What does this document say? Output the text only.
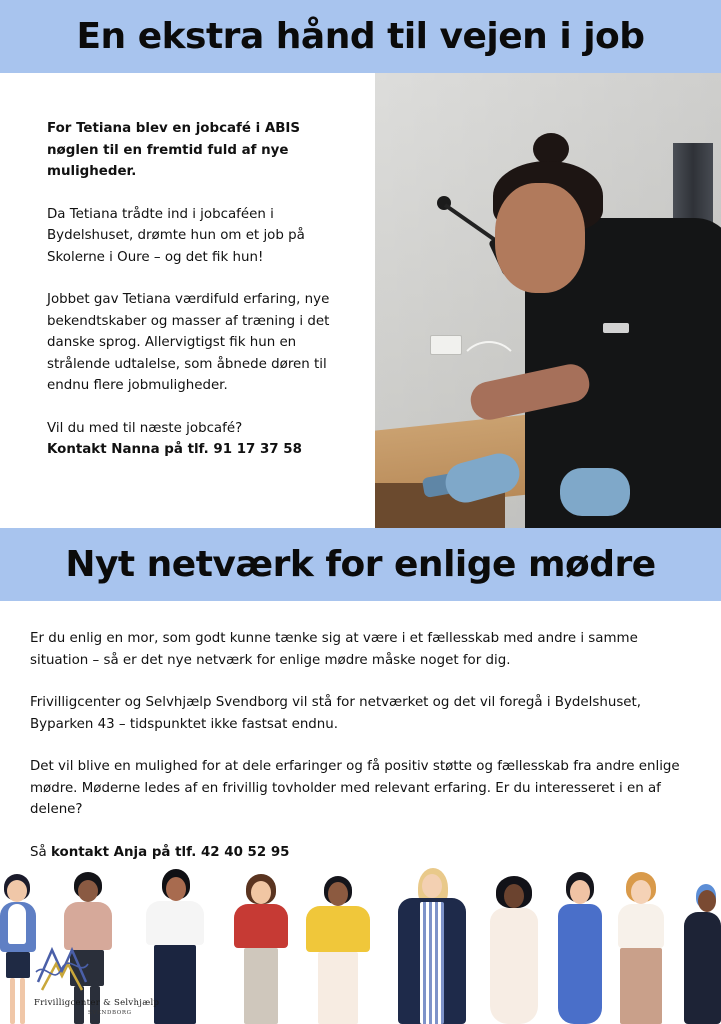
En ekstra hånd til vejen i job

For Tetiana blev en jobcafé i ABIS nøglen til en fremtid fuld af nye muligheder.

Da Tetiana trådte ind i jobcaféen i Bydelshuset, drømte hun om et job på Skolerne i Oure – og det fik hun!

Jobbet gav Tetiana værdifuld erfaring, nye bekendtskaber og masser af træning i det danske sprog. Allervigtigst fik hun en strålende udtalelse, som åbnede døren til endnu flere jobmuligheder.

Vil du med til næste jobcafé?
Kontakt Nanna på tlf. 91 17 37 58

Nyt netværk for enlige mødre

Er du enlig en mor, som godt kunne tænke sig at være i et fællesskab med andre i samme situation – så er det nye netværk for enlige mødre måske noget for dig.

Frivilligcenter og Selvhjælp Svendborg vil stå for netværket og det vil foregå i Bydelshuset, Byparken 43 – tidspunktet ikke fastsat endnu.

Det vil blive en mulighed for at dele erfaringer og få positiv støtte og fællesskab fra andre enlige mødre. Møderne ledes af en frivillig tovholder med relevant erfaring. Er du interesseret i en af delene?

Så kontakt Anja på tlf. 42 40 52 95

Frivilligcenter & Selvhjælp
SVENDBORG
